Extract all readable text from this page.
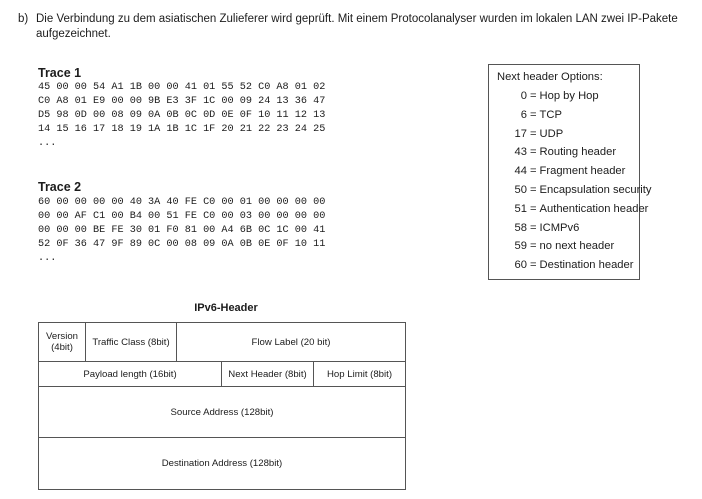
b) Die Verbindung zu dem asiatischen Zulieferer wird geprüft. Mit einem Protocolanalyser wurden im lokalen LAN zwei IP-Pakete aufgezeichnet.
Trace 1
45 00 00 54 A1 1B 00 00 41 01 55 52 C0 A8 01 02
C0 A8 01 E9 00 00 9B E3 3F 1C 00 09 24 13 36 47
D5 98 0D 00 08 09 0A 0B 0C 0D 0E 0F 10 11 12 13
14 15 16 17 18 19 1A 1B 1C 1F 20 21 22 23 24 25
...
Trace 2
60 00 00 00 00 40 3A 40 FE C0 00 01 00 00 00 00
00 00 AF C1 00 B4 00 51 FE C0 00 03 00 00 00 00
00 00 00 BE FE 30 01 F0 81 00 A4 6B 0C 1C 00 41
52 0F 36 47 9F 89 0C 00 08 09 0A 0B 0E 0F 10 11
...
Next header Options:
0 = Hop by Hop
6 = TCP
17 = UDP
43 = Routing header
44 = Fragment header
50 = Encapsulation security
51 = Authentication header
58 = ICMPv6
59 = no next header
60 = Destination header
IPv6-Header
Version (4bit)	Traffic Class (8bit)	Flow Label (20 bit)
Payload length (16bit)	Next Header (8bit)	Hop Limit (8bit)
Source Address (128bit)
Destination Address (128bit)
